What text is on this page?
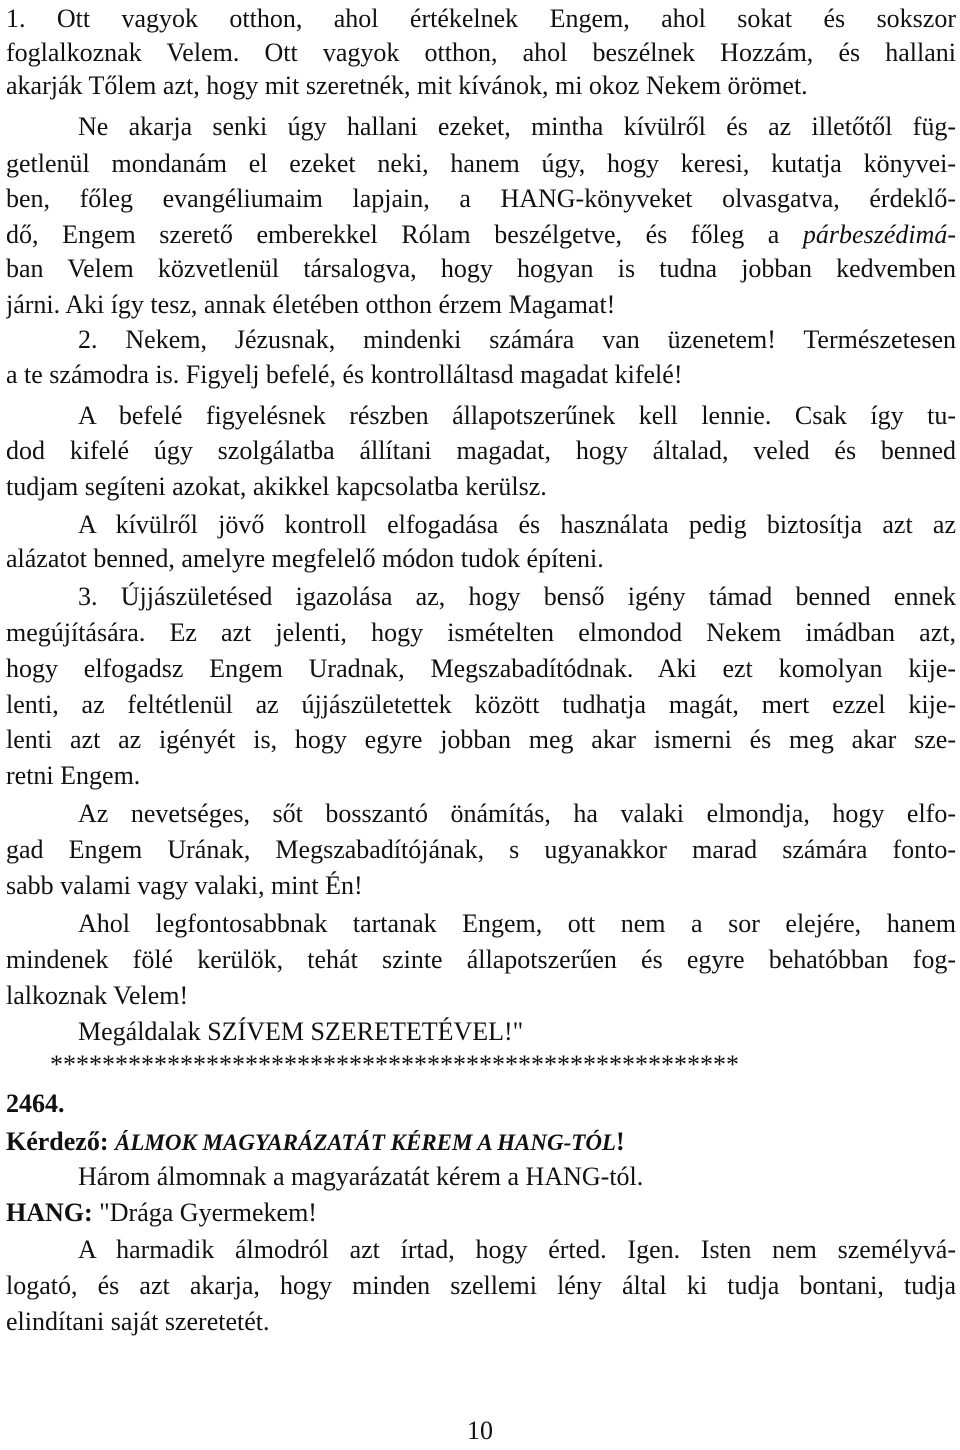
1. Ott vagyok otthon, ahol értékelnek Engem, ahol sokat és sokszor
foglalkoznak Velem. Ott vagyok otthon, ahol beszélnek Hozzám, és hallani
akarják Tőlem azt, hogy mit szeretnék, mit kívánok, mi okoz Nekem örömet.
Ne akarja senki úgy hallani ezeket, mintha kívülről és az illetőtől füg-
getlenül mondanám el ezeket neki, hanem úgy, hogy keresi, kutatja könyvei-
ben, főleg evangéliumaim lapjain, a HANG-könyveket olvasgatva, érdeklő-
dő, Engem szerető emberekkel Rólam beszélgetve, és főleg a párbeszédimá-
ban Velem közvetlenül társalogva, hogy hogyan is tudna jobban kedvemben
járni. Aki így tesz, annak életében otthon érzem Magamat!
2. Nekem, Jézusnak, mindenki számára van üzenetem! Természetesen
a te számodra is. Figyelj befelé, és kontrolláltasd magadat kifelé!
A befelé figyelésnek részben állapotszerűnek kell lennie. Csak így tu-
dod kifelé úgy szolgálatba állítani magadat, hogy általad, veled és benned
tudjam segíteni azokat, akikkel kapcsolatba kerülsz.
A kívülről jövő kontroll elfogadása és használata pedig biztosítja azt az
alázatot benned, amelyre megfelelő módon tudok építeni.
3. Újjászületésed igazolása az, hogy benső igény támad benned ennek
megújítására. Ez azt jelenti, hogy ismételten elmondod Nekem imádban azt,
hogy elfogadsz Engem Uradnak, Megszabadítódnak. Aki ezt komolyan kije-
lenti, az feltétlenül az újjászületettek között tudhatja magát, mert ezzel kije-
lenti azt az igényét is, hogy egyre jobban meg akar ismerni és meg akar sze-
retni Engem.
Az nevetséges, sőt bosszantó önámítás, ha valaki elmondja, hogy elfo-
gad Engem Urának, Megszabadítójának, s ugyanakkor marad számára fonto-
sabb valami vagy valaki, mint Én!
Ahol legfontosabbnak tartanak Engem, ott nem a sor elejére, hanem
mindenek fölé kerülök, tehát szinte állapotszerűen és egyre behatóbban fog-
lalkoznak Velem!
Megáldalak SZÍVEM SZERETETÉVEL!"
*****************************************************
2464.
Kérdező: ÁLMOK MAGYARÁZATÁT KÉREM A HANG-TÓL!
Három álmomnak a magyarázatát kérem a HANG-tól.
HANG: "Drága Gyermekem!
A harmadik álmodról azt írtad, hogy érted. Igen. Isten nem személyvá-
logató, és azt akarja, hogy minden szellemi lény által ki tudja bontani, tudja
elindítani saját szeretetét.
10
